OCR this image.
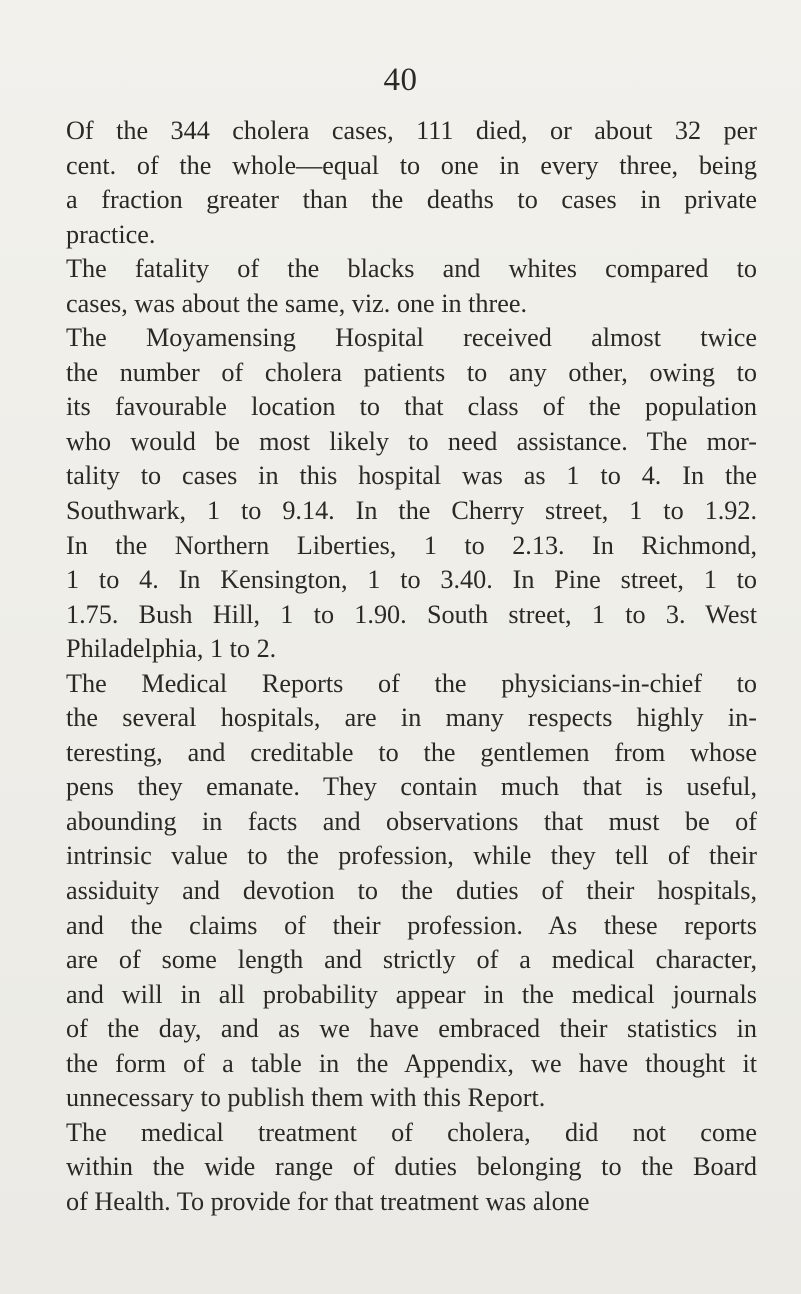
40

Of the 344 cholera cases, 111 died, or about 32 per
cent. of the whole—equal to one in every three, being
a fraction greater than the deaths to cases in private
practice.

The fatality of the blacks and whites compared to
cases, was about the same, viz. one in three.

The Moyamensing Hospital received almost twice
the number of cholera patients to any other, owing to
its favourable location to that class of the population
who would be most likely to need assistance. The mor-
tality to cases in this hospital was as 1 to 4. In the
Southwark, 1 to 9.14. In the Cherry street, 1 to 1.92.
In the Northern Liberties, 1 to 2.13. In Richmond,
1 to 4. In Kensington, 1 to 3.40. In Pine street, 1 to
1.75. Bush Hill, 1 to 1.90. South street, 1 to 3. West
Philadelphia, 1 to 2.

The Medical Reports of the physicians-in-chief to
the several hospitals, are in many respects highly in-
teresting, and creditable to the gentlemen from whose
pens they emanate. They contain much that is useful,
abounding in facts and observations that must be of
intrinsic value to the profession, while they tell of their
assiduity and devotion to the duties of their hospitals,
and the claims of their profession. As these reports
are of some length and strictly of a medical character,
and will in all probability appear in the medical journals
of the day, and as we have embraced their statistics in
the form of a table in the Appendix, we have thought it
unnecessary to publish them with this Report.

The medical treatment of cholera, did not come
within the wide range of duties belonging to the Board
of Health. To provide for that treatment was alone
